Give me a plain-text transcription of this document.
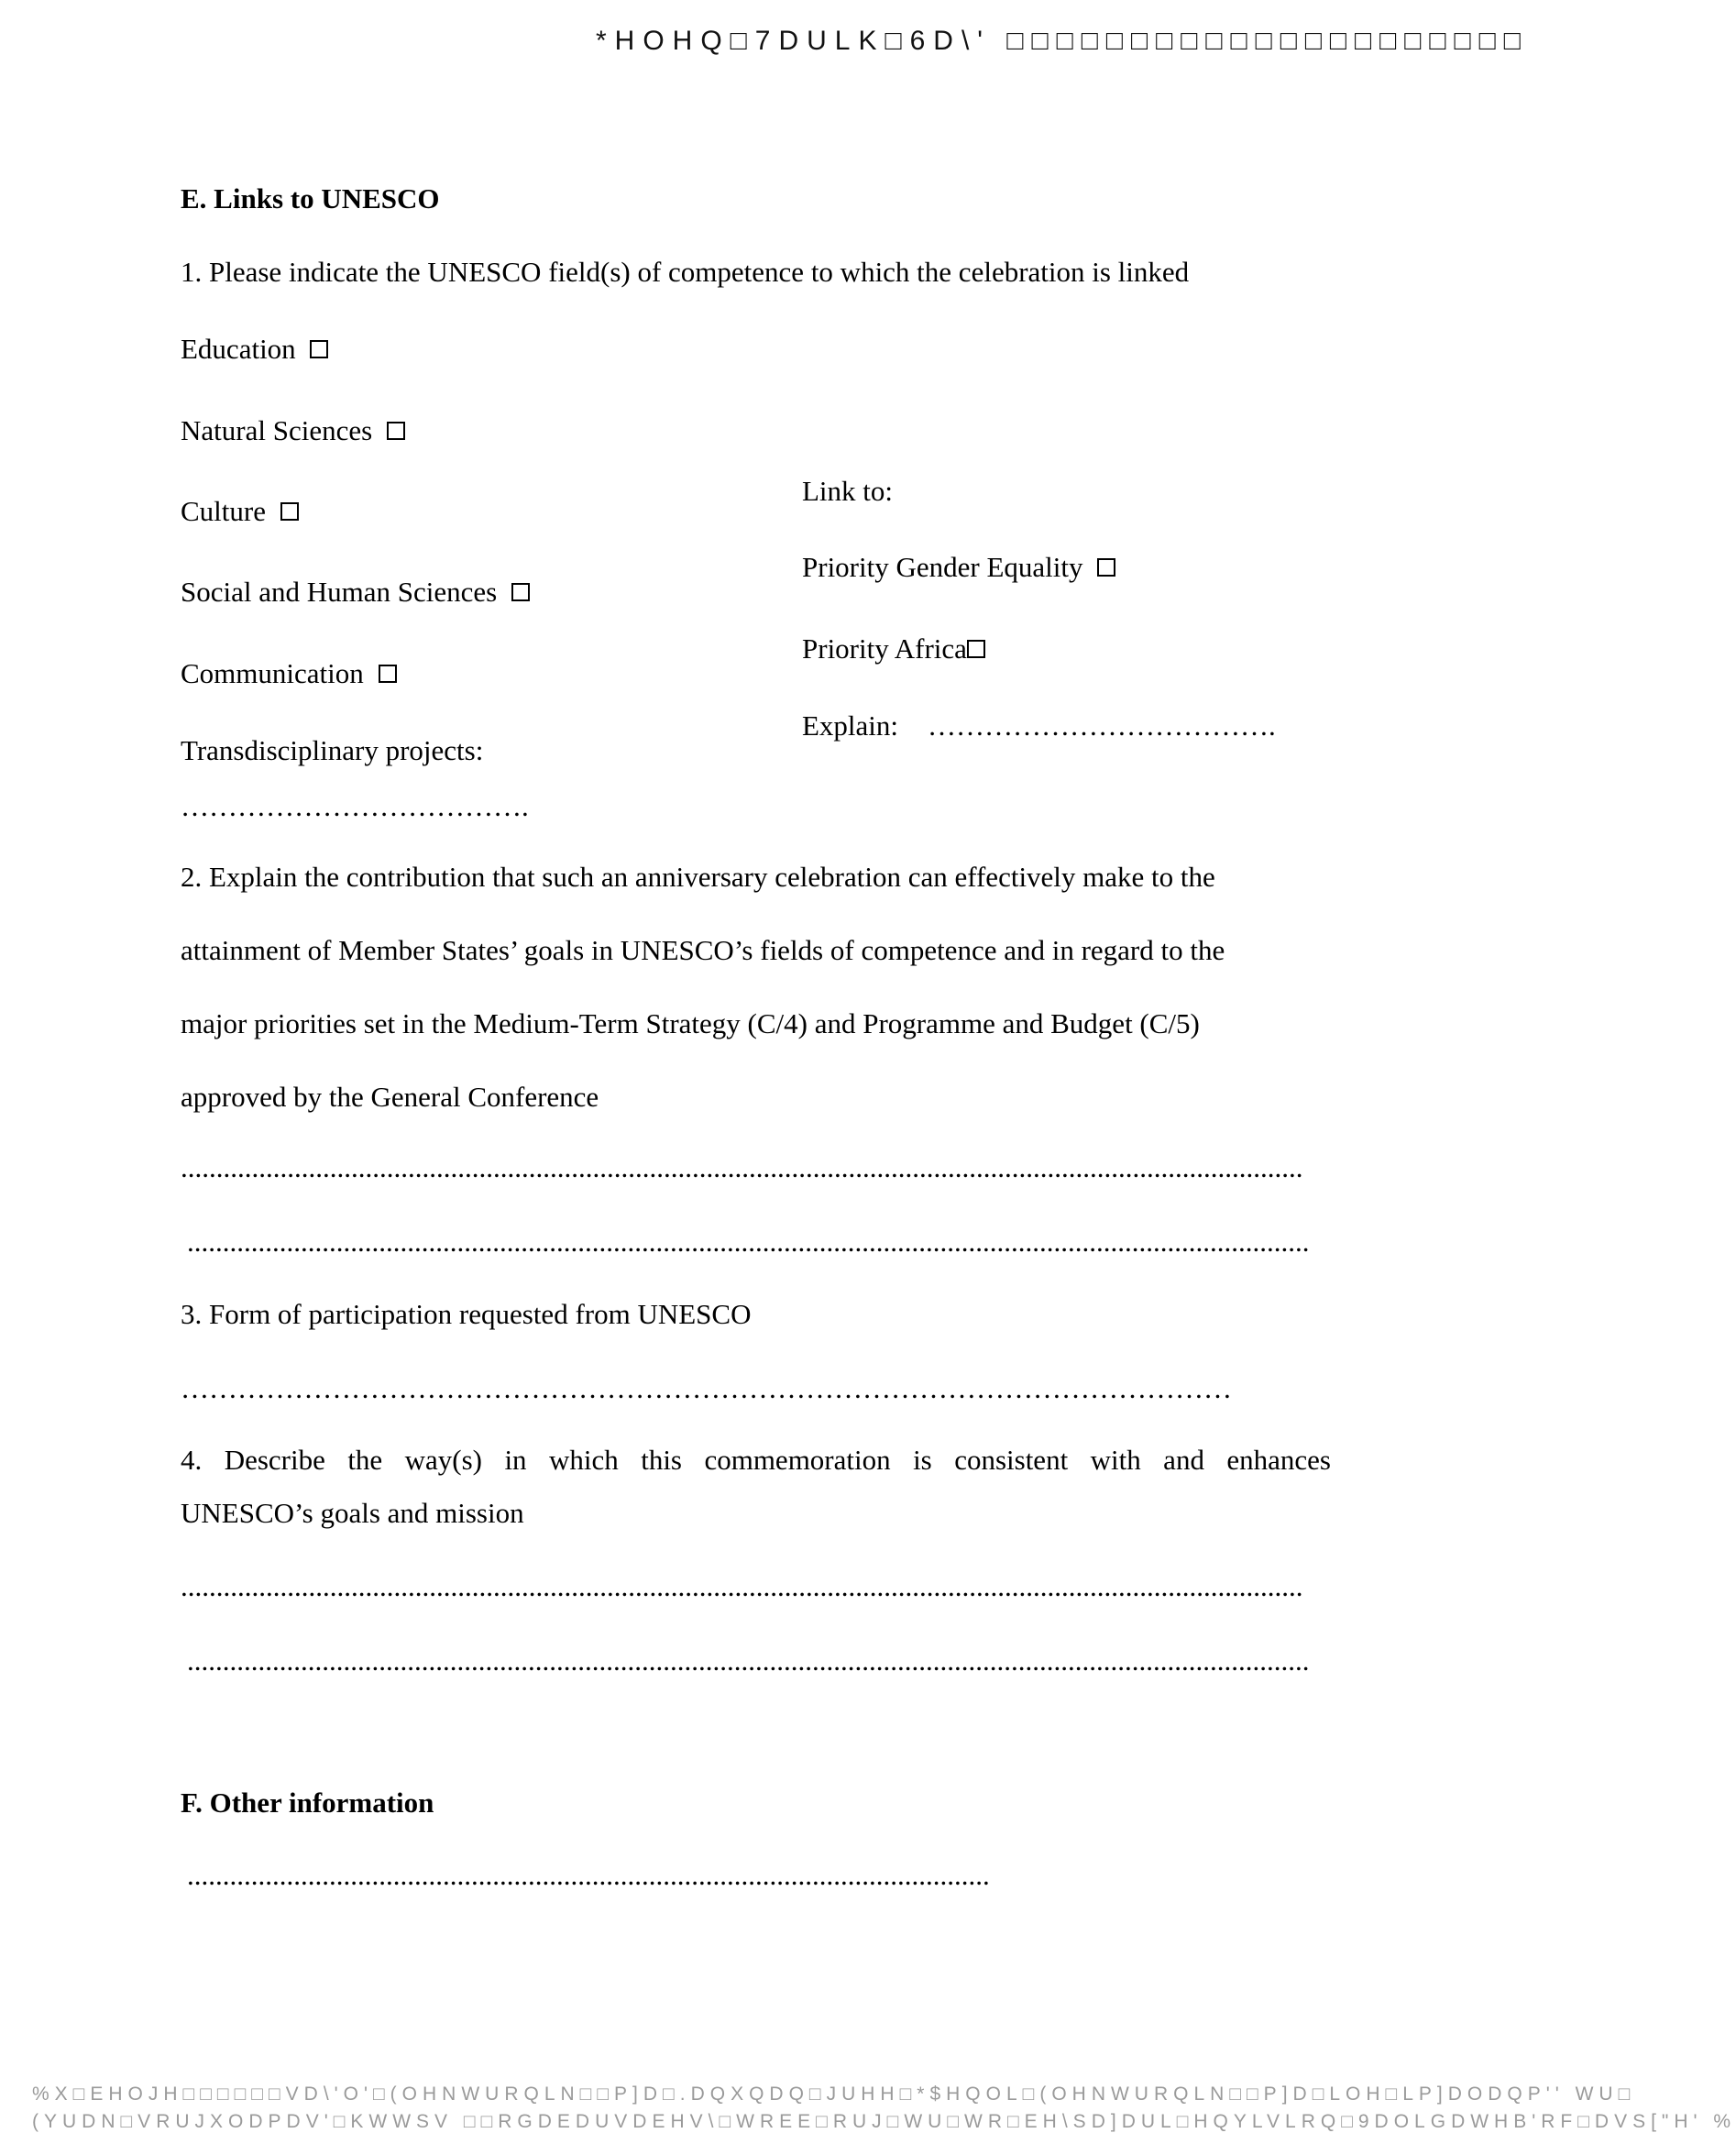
*HOHQ□7DULK□6D\' □□□□□□□□□□□□□□□□□□□□□
E. Links to UNESCO
1. Please indicate the UNESCO field(s) of competence to which the celebration is linked
Education
Natural Sciences
Culture
Social and Human Sciences
Communication
Transdisciplinary projects:
……………………………….
Link to:
Priority Gender Equality
Priority Africa
Explain: ……………………………….
2. Explain the contribution that such an anniversary celebration can effectively make to the
attainment of Member States’ goals in UNESCO’s fields of competence and in regard to the
major priorities set in the Medium-Term Strategy (C/4) and Programme and Budget (C/5)
approved by the General Conference
..............................................................................................................................................................
..............................................................................................................................................................
3. Form of participation requested from UNESCO
…………………………………………………………………………………………………
4. Describe the way(s) in which this commemoration is consistent with and enhances
UNESCO’s goals and mission
..............................................................................................................................................................
..............................................................................................................................................................
F. Other information
.................................................................................................................
%X□EHOJH□□□□□□VD\'O'□(OHNWURQLN□□P]D□.DQXQDQ□JUHH□*$HQOL□(OHNWURQLN□□P]D□LOH□LP]DODQP'' WU□
(YUDN□VRUJXODPDV'□KWWSV □□RGDEDUVDEHV\□WREE□RUJ□WU□WR□EH\SD]DUL□HQYLVLRQ□9DOLGDWHB'RF□DVS["H' %
